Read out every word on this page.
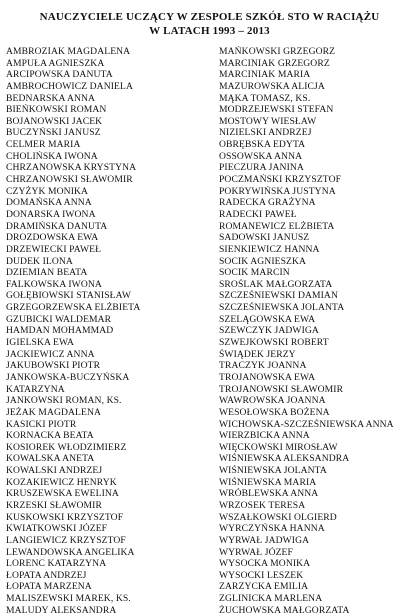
NAUCZYCIELE UCZĄCY W ZESPOLE SZKÓŁ STO W RACIĄŻU
W LATACH 1993 – 2013
AMBROZIAK MAGDALENA
AMPUŁA AGNIESZKA
ARCIPOWSKA DANUTA
AMBROCHOWICZ DANIELA
BEDNARSKA ANNA
BIEŃKOWSKI ROMAN
BOJANOWSKI JACEK
BUCZYŃSKI JANUSZ
CELMER MARIA
CHOLIŃSKA IWONA
CHRZANOWSKA KRYSTYNA
CHRZANOWSKI SŁAWOMIR
CZYŻYK MONIKA
DOMAŃSKA ANNA
DONARSKA IWONA
DRAMIŃSKA DANUTA
DROZDOWSKA EWA
DRZEWIECKI PAWEŁ
DUDEK ILONA
DZIEMIAN BEATA
FALKOWSKA IWONA
GOŁĘBIOWSKI STANISŁAW
GRZEGORZEWSKA ELŻBIETA
GZUBICKI WALDEMAR
HAMDAN MOHAMMAD
IGIELSKA EWA
JACKIEWICZ ANNA
JAKUBOWSKI PIOTR
JANKOWSKA-BUCZYŃSKA
KATARZYNA
JANKOWSKI ROMAN, KS.
JEŻAK MAGDALENA
KASICKI PIOTR
KORNACKA BEATA
KOSIOREK WŁODZIMIERZ
KOWALSKA ANETA
KOWALSKI ANDRZEJ
KOZAKIEWICZ HENRYK
KRUSZEWSKA EWELINA
KRZESKI SŁAWOMIR
KUSKOWSKI KRZYSZTOF
KWIATKOWSKI JÓZEF
LANGIEWICZ KRZYSZTOF
LEWANDOWSKA ANGELIKA
LORENC KATARZYNA
ŁOPATA ANDRZEJ
ŁOPATA MARZENA
MALISZEWSKI MAREK, KS.
MALUDY ALEKSANDRA
MAŃKOWSKI GRZEGORZ
MARCINIAK GRZEGORZ
MARCINIAK MARIA
MAZUROWSKA ALICJA
MĄKA TOMASZ, KS.
MODRZEJEWSKI STEFAN
MOSTOWY WIESŁAW
NIZIELSKI ANDRZEJ
OBRĘBSKA EDYTA
OSSOWSKA ANNA
PIECZURA JANINA
POCZMAŃSKI KRZYSZTOF
POKRYWIŃSKA JUSTYNA
RADECKA GRAŻYNA
RADECKI PAWEŁ
ROMANEWICZ ELŻBIETA
SADOWSKI JANUSZ
SIENKIEWICZ HANNA
SOCIK AGNIESZKA
SOCIK MARCIN
SROŚLAK MAŁGORZATA
SZCZEŚNIEWSKI DAMIAN
SZCZEŚNIEWSKA JOLANTA
SZELĄGOWSKA EWA
SZEWCZYK JADWIGA
SZWEJKOWSKI ROBERT
ŚWIĄDEK JERZY
TRACZYK JOANNA
TROJANOWSKA EWA
TROJANOWSKI SŁAWOMIR
WAWROWSKA JOANNA
WESOŁOWSKA BOŻENA
WICHOWSKA-SZCZEŚNIEWSKA ANNA
WIERZBICKA ANNA
WIĘCKOWSKI MIROSŁAW
WIŚNIEWSKA ALEKSANDRA
WIŚNIEWSKA JOLANTA
WIŚNIEWSKA MARIA
WRÓBLEWSKA ANNA
WRZOSEK TERESA
WSZAŁKOWSKI OLGIERD
WYRCZYŃSKA HANNA
WYRWAŁ JADWIGA
WYRWAŁ JÓZEF
WYSOCKA MONIKA
WYSOCKI LESZEK
ZARZYCKA EMILIA
ZGLINICKA MARLENA
ŻUCHOWSKA MAŁGORZATA
